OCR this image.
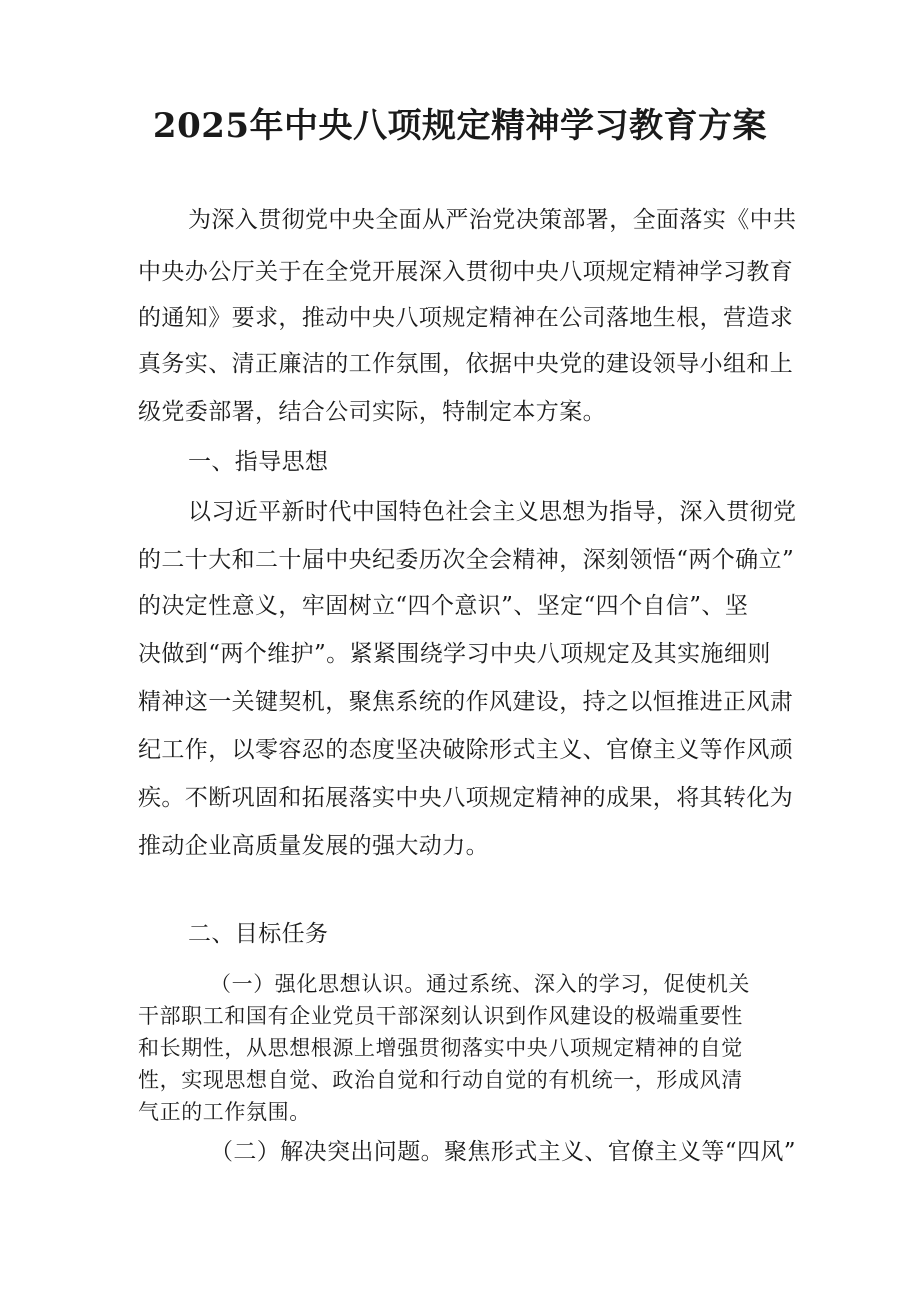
2025年中央八项规定精神学习教育方案
为深入贯彻党中央全面从严治党决策部署，全面落实《中共
中央办公厅关于在全党开展深入贯彻中央八项规定精神学习教育
的通知》要求，推动中央八项规定精神在公司落地生根，营造求
真务实、清正廉洁的工作氛围，依据中央党的建设领导小组和上
级党委部署，结合公司实际，特制定本方案。
一、指导思想
以习近平新时代中国特色社会主义思想为指导，深入贯彻党
的二十大和二十届中央纪委历次全会精神，深刻领悟“两个确立”
的决定性意义，牢固树立“四个意识”、坚定“四个自信”、坚
决做到“两个维护”。紧紧围绕学习中央八项规定及其实施细则
精神这一关键契机，聚焦系统的作风建设，持之以恒推进正风肃
纪工作，以零容忍的态度坚决破除形式主义、官僚主义等作风顽
疾。不断巩固和拓展落实中央八项规定精神的成果，将其转化为
推动企业高质量发展的强大动力。
二、目标任务
（一）强化思想认识。通过系统、深入的学习，促使机关
干部职工和国有企业党员干部深刻认识到作风建设的极端重要性
和长期性，从思想根源上增强贯彻落实中央八项规定精神的自觉
性，实现思想自觉、政治自觉和行动自觉的有机统一，形成风清
气正的工作氛围。
（二）解决突出问题。聚焦形式主义、官僚主义等“四风”
